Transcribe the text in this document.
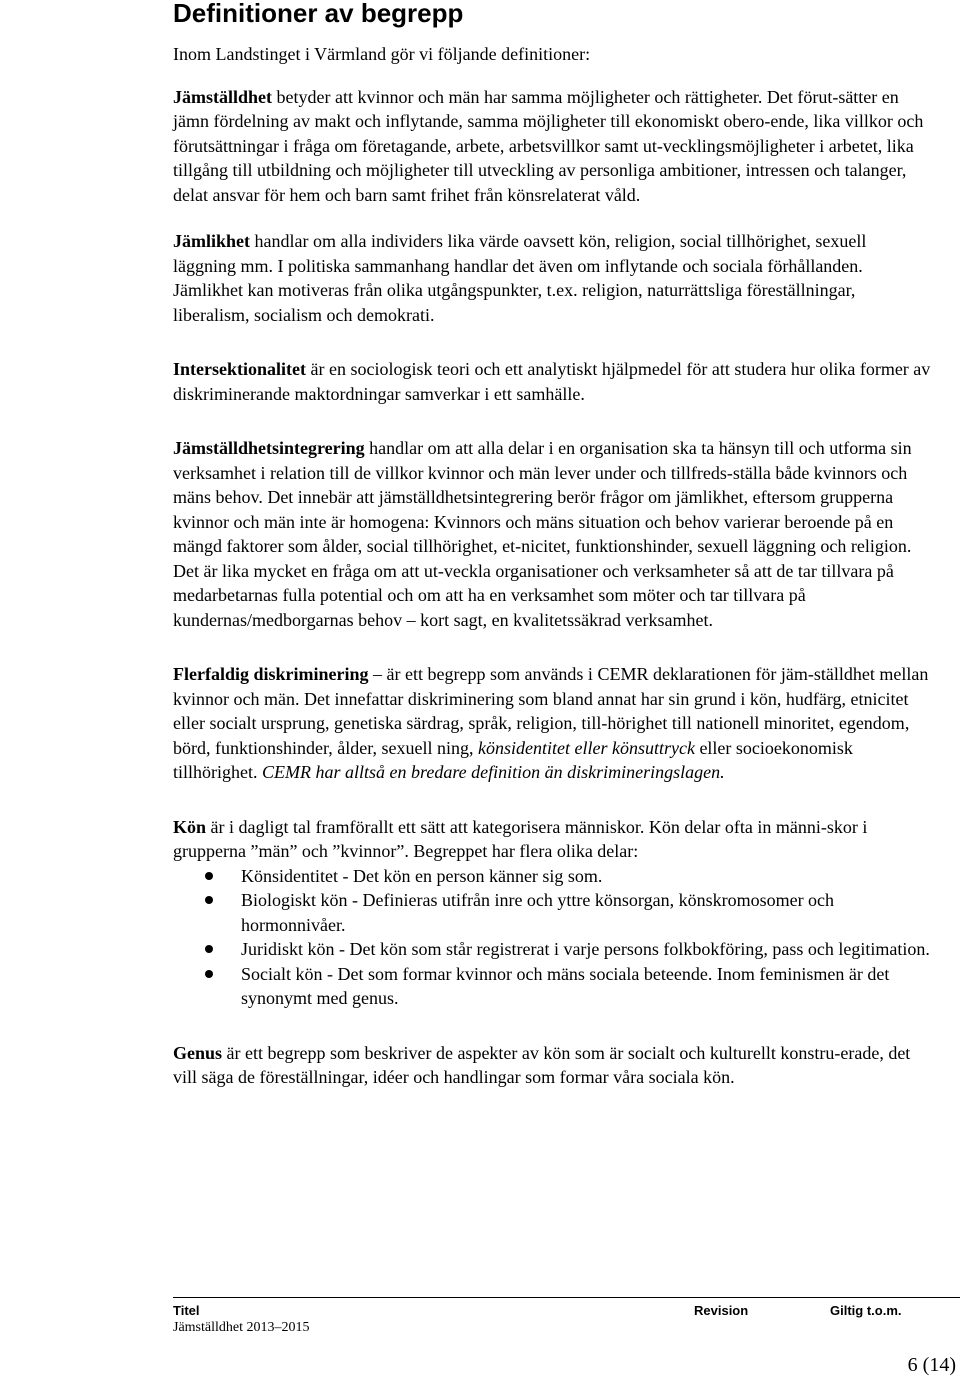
Definitioner av begrepp

Inom Landstinget i Värmland gör vi följande definitioner:

Jämställdhet betyder att kvinnor och män har samma möjligheter och rättigheter. Det förut-sätter en jämn fördelning av makt och inflytande, samma möjligheter till ekonomiskt obero-ende, lika villkor och förutsättningar i fråga om företagande, arbete, arbetsvillkor samt ut-vecklingsmöjligheter i arbetet, lika tillgång till utbildning och möjligheter till utveckling av personliga ambitioner, intressen och talanger, delat ansvar för hem och barn samt frihet från könsrelaterat våld.

Jämlikhet handlar om alla individers lika värde oavsett kön, religion, social tillhörighet, sexuell läggning mm. I politiska sammanhang handlar det även om inflytande och sociala förhållanden. Jämlikhet kan motiveras från olika utgångspunkter, t.ex. religion, naturrättsliga föreställningar, liberalism, socialism och demokrati.

Intersektionalitet är en sociologisk teori och ett analytiskt hjälpmedel för att studera hur olika former av diskriminerande maktordningar samverkar i ett samhälle.

Jämställdhetsintegrering handlar om att alla delar i en organisation ska ta hänsyn till och utforma sin verksamhet i relation till de villkor kvinnor och män lever under och tillfreds-ställa både kvinnors och mäns behov. Det innebär att jämställdhetsintegrering berör frågor om jämlikhet, eftersom grupperna kvinnor och män inte är homogena: Kvinnors och mäns situation och behov varierar beroende på en mängd faktorer som ålder, social tillhörighet, et-nicitet, funktionshinder, sexuell läggning och religion. Det är lika mycket en fråga om att ut-veckla organisationer och verksamheter så att de tar tillvara på medarbetarnas fulla potential och om att ha en verksamhet som möter och tar tillvara på kundernas/medborgarnas behov – kort sagt, en kvalitetssäkrad verksamhet.

Flerfaldig diskriminering – är ett begrepp som används i CEMR deklarationen för jäm-ställdhet mellan kvinnor och män. Det innefattar diskriminering som bland annat har sin grund i kön, hudfärg, etnicitet eller socialt ursprung, genetiska särdrag, språk, religion, till-hörighet till nationell minoritet, egendom, börd, funktionshinder, ålder, sexuell ning, könsidentitet eller könsuttryck eller socioekonomisk tillhörighet. CEMR har alltså en bredare definition än diskrimineringslagen.

Kön är i dagligt tal framförallt ett sätt att kategorisera människor. Kön delar ofta in männi-skor i grupperna ”män” och ”kvinnor”. Begreppet har flera olika delar:

Könsidentitet - Det kön en person känner sig som.
Biologiskt kön - Definieras utifrån inre och yttre könsorgan, könskromosomer och hormonnivåer.
Juridiskt kön - Det kön som står registrerat i varje persons folkbokföring, pass och legitimation.
Socialt kön - Det som formar kvinnor och mäns sociala beteende. Inom feminismen är det synonymt med genus.

Genus är ett begrepp som beskriver de aspekter av kön som är socialt och kulturellt konstru-erade, det vill säga de föreställningar, idéer och handlingar som formar våra sociala kön.

Titel
Jämställdhet 2013–2015
Revision	Giltig t.o.m.
6 (14)
